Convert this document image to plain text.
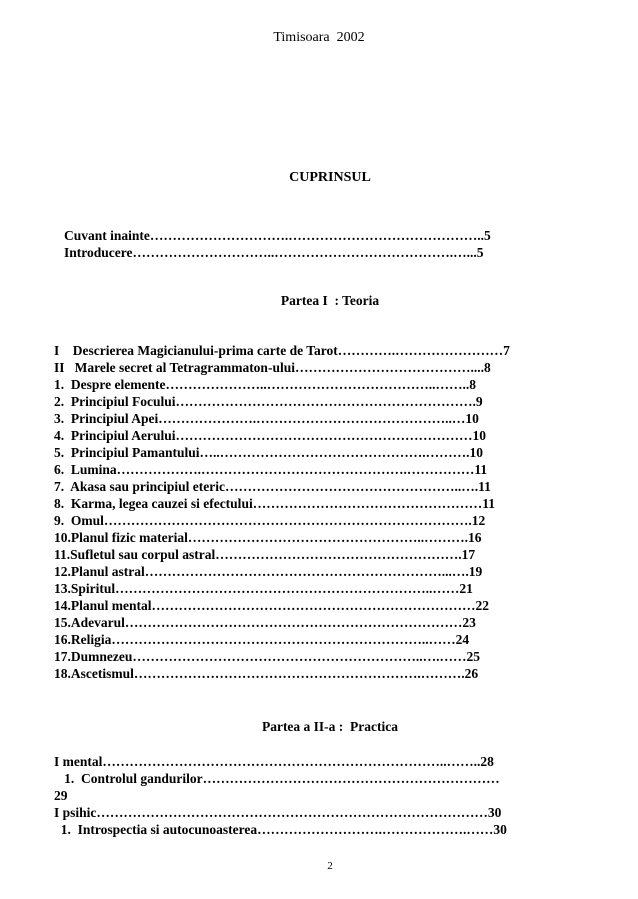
Timisoara  2002
CUPRINSUL
Cuvant inainte………………………….……………………………………..5
Introducere…………………………..………………………………….…...5
Partea I  : Teoria
I    Descrierea Magicianului-prima carte de Tarot………….……………………7
II   Marele secret al Tetragrammaton-ului…………………………………....8
1.  Despre elemente…………………..………………………………..……..8
2.  Principiul Focului………………………………………………………….9
3.  Principiul Apei………………….……………………………………..…10
4.  Principiul Aerului…………………………………………………………10
5.  Principiul Pamantului…..……………………………………….……….10
6.  Lumina……………….……………………………………….……………11
7.  Akasa sau principiul eteric……………………………………………..….11
8.  Karma, legea cauzei si efectului……………………………………………11
9.  Omul……………………………………………………………………….12
10.Planul fizic material……………………………………………..……….16
11.Sufletul sau corpul astral……………………………………………….17
12.Planul astral…………………………………………………………...….19
13.Spiritul……………………………………………………………..……21
14.Planul mental………………………………………………………………22
15.Adevarul…………………………………………………………………23
16.Religia……………………………………………………………..……24
17.Dumnezeu………………………………………………………..….……25
18.Ascetismul……………………………………………………….……….26
Partea a II-a :  Practica
I mental…………………………………………………………………..……..28
1.  Controlul gandurilor…………………………………………………………
29
I psihic……………………………………………………………………………30
1.  Introspectia si autocunoasterea……………………….……………….……30
2
